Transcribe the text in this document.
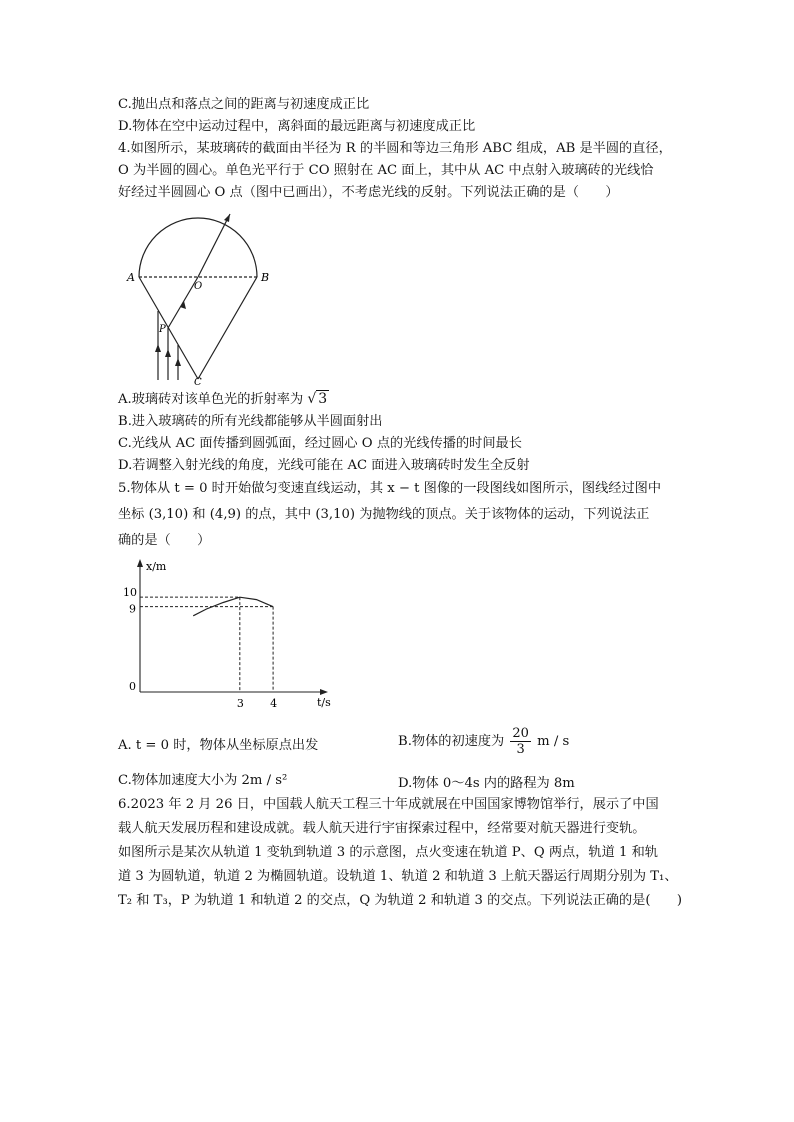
C.抛出点和落点之间的距离与初速度成正比
D.物体在空中运动过程中，离斜面的最远距离与初速度成正比
4.如图所示，某玻璃砖的截面由半径为 R 的半圆和等边三角形 ABC 组成，AB 是半圆的直径，
O 为半圆的圆心。单色光平行于 CO 照射在 AC 面上，其中从 AC 中点射入玻璃砖的光线恰
好经过半圆圆心 O 点（图中已画出），不考虑光线的反射。下列说法正确的是（　　）
A	B
O
P
C
A.玻璃砖对该单色光的折射率为 √ 3
B.进入玻璃砖的所有光线都能够从半圆面射出
C.光线从 AC 面传播到圆弧面，经过圆心 O 点的光线传播的时间最长
D.若调整入射光线的角度，光线可能在 AC 面进入玻璃砖时发生全反射
5.物体从 t = 0 时开始做匀变速直线运动，其 x − t 图像的一段图线如图所示，图线经过图中
坐标 (3,10) 和 (4,9) 的点，其中 (3,10) 为抛物线的顶点。关于该物体的运动，下列说法正
确的是（　　）
3 4
0
9
10
x/m
t/s
A. t = 0 时，物体从坐标原点出发	B.物体的初速度为 $\frac{20}{3}$ m / s
C.物体加速度大小为 2m / s²	D.物体 0～4s 内的路程为 8m
6.2023 年 2 月 26 日，中国载人航天工程三十年成就展在中国国家博物馆举行，展示了中国
载人航天发展历程和建设成就。载人航天进行宇宙探索过程中，经常要对航天器进行变轨。
如图所示是某次从轨道 1 变轨到轨道 3 的示意图，点火变速在轨道 P、Q 两点，轨道 1 和轨
道 3 为圆轨道，轨道 2 为椭圆轨道。设轨道 1、轨道 2 和轨道 3 上航天器运行周期分别为 T₁、
T₂ 和 T₃，P 为轨道 1 和轨道 2 的交点，Q 为轨道 2 和轨道 3 的交点。下列说法正确的是(　　)
